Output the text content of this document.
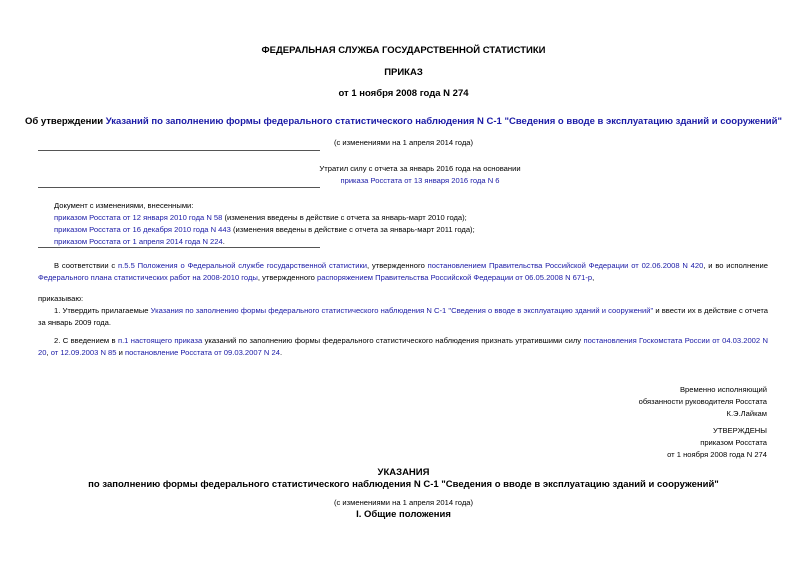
ФЕДЕРАЛЬНАЯ СЛУЖБА ГОСУДАРСТВЕННОЙ СТАТИСТИКИ
ПРИКАЗ
от 1 ноября 2008 года N 274
Об утверждении Указаний по заполнению формы федерального статистического наблюдения N С-1 "Сведения о вводе в эксплуатацию зданий и сооружений"
(с изменениями на 1 апреля 2014 года)
Утратил силу с отчета за январь 2016 года на основании
приказа Росстата от 13 января 2016 года N 6
Документ с изменениями, внесенными:
приказом Росстата от 12 января 2010 года N 58 (изменения введены в действие с отчета за январь-март 2010 года);
приказом Росстата от 16 декабря 2010 года N 443 (изменения введены в действие с отчета за январь-март 2011 года);
приказом Росстата от 1 апреля 2014 года N 224.
В соответствии с п.5.5 Положения о Федеральной службе государственной статистики, утвержденного постановлением Правительства Российской Федерации от 02.06.2008 N 420, и во исполнение Федерального плана статистических работ на 2008-2010 годы, утвержденного распоряжением Правительства Российской Федерации от 06.05.2008 N 671-р,
приказываю:
1. Утвердить прилагаемые Указания по заполнению формы федерального статистического наблюдения N С-1 "Сведения о вводе в эксплуатацию зданий и сооружений" и ввести их в действие с отчета за январь 2009 года.
2. С введением в п.1 настоящего приказа указаний по заполнению формы федерального статистического наблюдения признать утратившими силу постановления Госкомстата России от 04.03.2002 N 20, от 12.09.2003 N 85 и постановление Росстата от 09.03.2007 N 24.
Временно исполняющий
обязанности руководителя Росстата
К.Э.Лайкам
УТВЕРЖДЕНЫ
приказом Росстата
от 1 ноября 2008 года N 274
УКАЗАНИЯ
по заполнению формы федерального статистического наблюдения N С-1 "Сведения о вводе в эксплуатацию зданий и сооружений"
(с изменениями на 1 апреля 2014 года)
I. Общие положения
